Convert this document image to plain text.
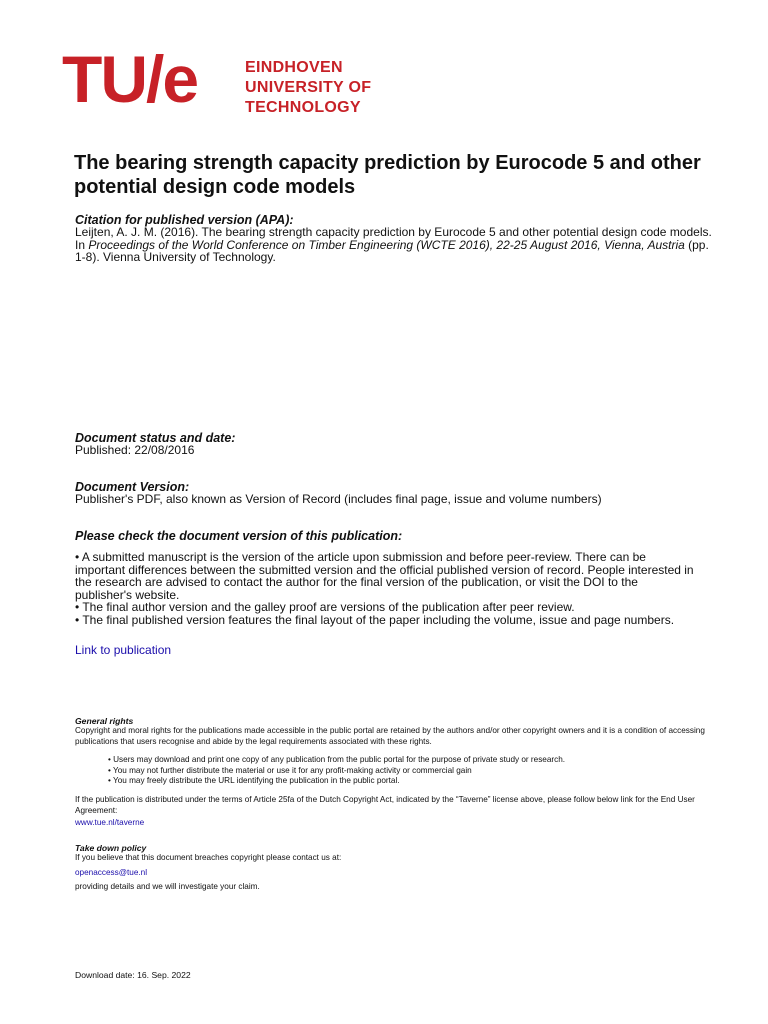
TU/e	EINDHOVEN
UNIVERSITY OF
TECHNOLOGY
The bearing strength capacity prediction by Eurocode 5 and other potential design code models
Citation for published version (APA):
Leijten, A. J. M. (2016). The bearing strength capacity prediction by Eurocode 5 and other potential design code models. In Proceedings of the World Conference on Timber Engineering (WCTE 2016), 22-25 August 2016, Vienna, Austria (pp. 1-8). Vienna University of Technology.
Document status and date:
Published: 22/08/2016
Document Version:
Publisher's PDF, also known as Version of Record (includes final page, issue and volume numbers)
Please check the document version of this publication:
• A submitted manuscript is the version of the article upon submission and before peer-review. There can be important differences between the submitted version and the official published version of record. People interested in the research are advised to contact the author for the final version of the publication, or visit the DOI to the publisher's website.
• The final author version and the galley proof are versions of the publication after peer review.
• The final published version features the final layout of the paper including the volume, issue and page numbers.
Link to publication
General rights
Copyright and moral rights for the publications made accessible in the public portal are retained by the authors and/or other copyright owners and it is a condition of accessing publications that users recognise and abide by the legal requirements associated with these rights.
• Users may download and print one copy of any publication from the public portal for the purpose of private study or research.
• You may not further distribute the material or use it for any profit-making activity or commercial gain
• You may freely distribute the URL identifying the publication in the public portal.
If the publication is distributed under the terms of Article 25fa of the Dutch Copyright Act, indicated by the “Taverne” license above, please follow below link for the End User Agreement:
www.tue.nl/taverne
Take down policy
If you believe that this document breaches copyright please contact us at:
openaccess@tue.nl
providing details and we will investigate your claim.
Download date: 16. Sep. 2022
